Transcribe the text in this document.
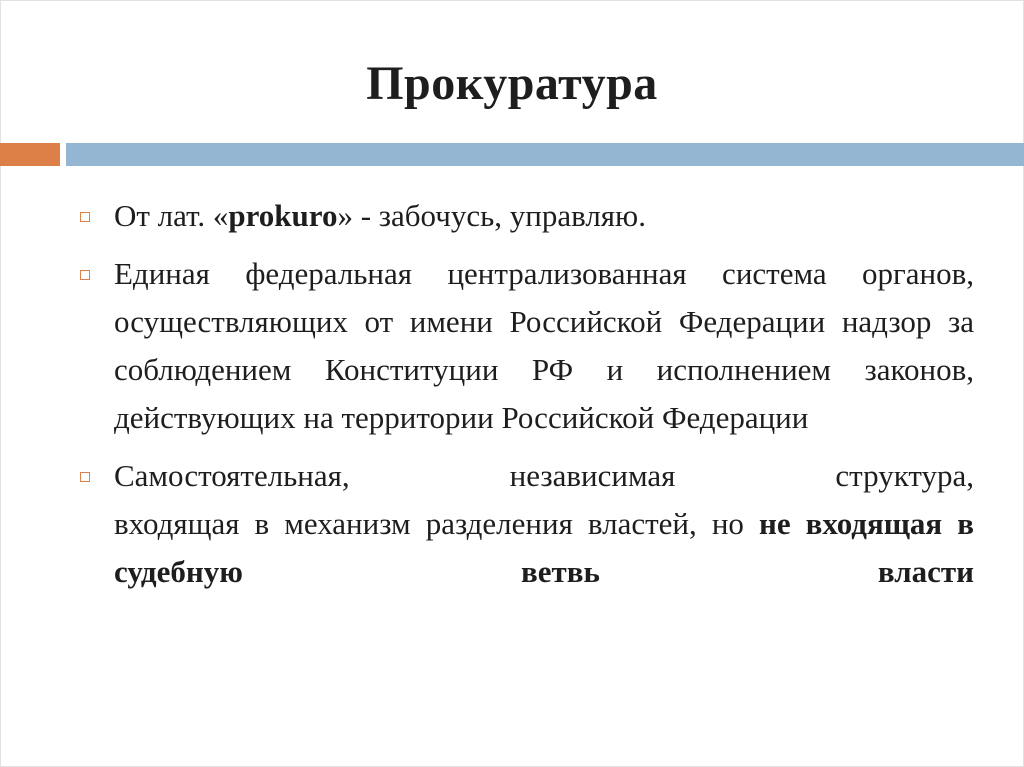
Прокуратура
От лат. «prokuro» - забочусь, управляю.
Единая федеральная централизованная система органов, осуществляющих от имени Российской Федерации надзор за соблюдением Конституции РФ и исполнением законов, действующих на территории Российской Федерации
Самостоятельная, независимая структура,
входящая в механизм разделения властей, но не входящая в судебную ветвь власти
